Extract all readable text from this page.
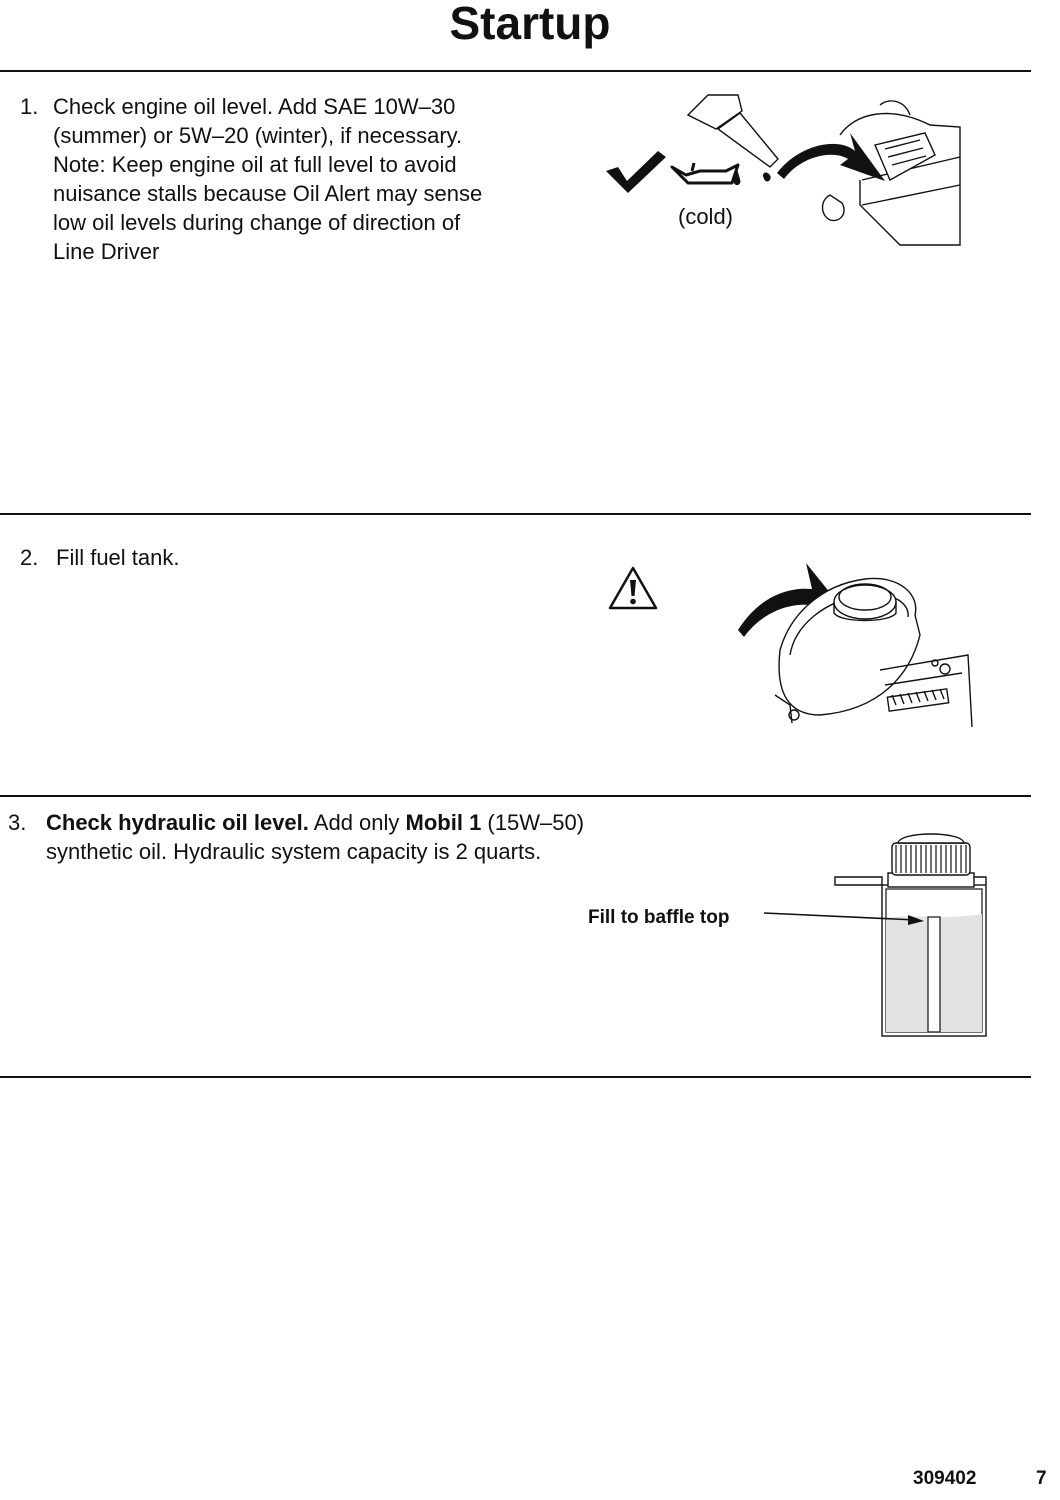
Startup
1. Check engine oil level. Add SAE 10W–30
(summer) or 5W–20 (winter), if necessary.
Note: Keep engine oil at full level to avoid
nuisance stalls because Oil Alert may sense
low oil levels during change of direction of
Line Driver
(cold)
2. Fill fuel tank.
3. Check hydraulic oil level. Add only Mobil 1 (15W–50)
synthetic oil. Hydraulic system capacity is 2 quarts.
Fill to baffle top
309402	7
